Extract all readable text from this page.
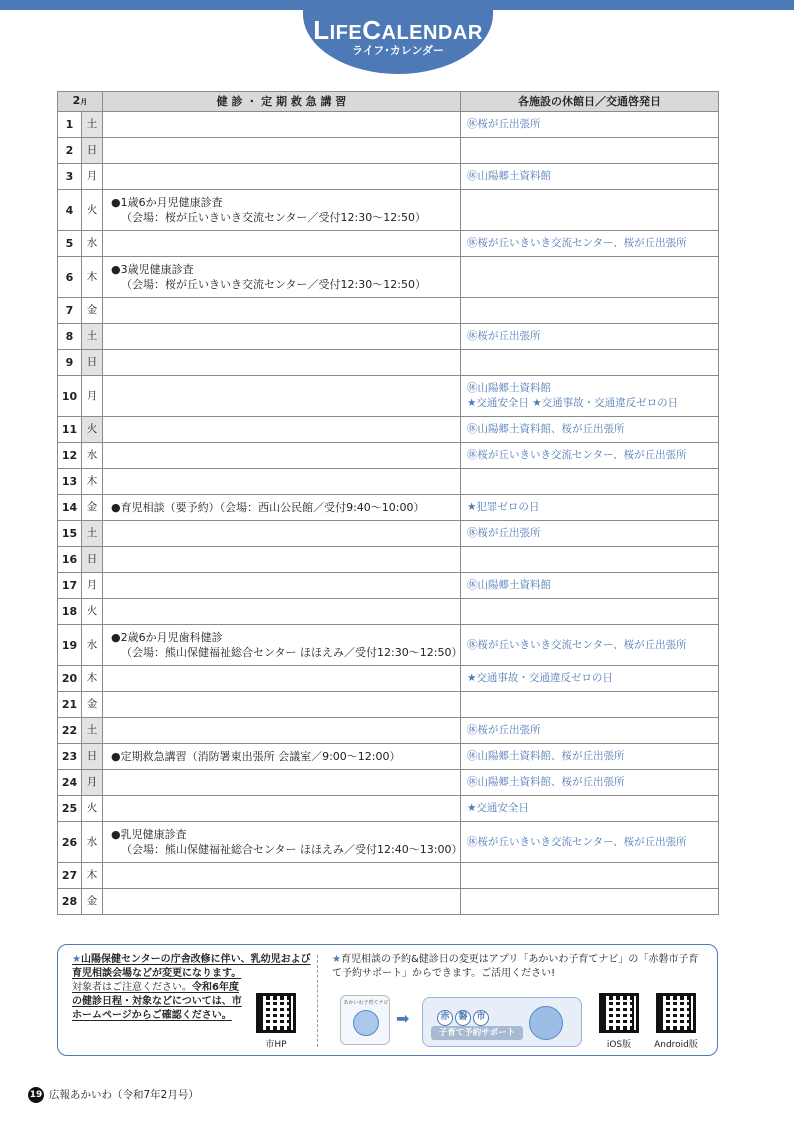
LIFECALENDAR
ライフ･カレンダー
2月		健 診 ・ 定 期 救 急 講 習	各施設の休館日／交通啓発日
1	土		㊡桜が丘出張所

2	日		
3	月		㊡山陽郷土資料館

4	火	●1歳6か月児健康診査
（会場：桜が丘いきいき交流センター／受付12:30〜12:50）	

5	水		㊡桜が丘いきいき交流センター、桜が丘出張所

6	木	●3歳児健康診査
（会場：桜が丘いきいき交流センター／受付12:30〜12:50）	

7	金		
8	土		㊡桜が丘出張所

9	日		
10	月		㊡山陽郷土資料館
★交通安全日 ★交通事故・交通違反ゼロの日

11	火		㊡山陽郷土資料館、桜が丘出張所

12	水		㊡桜が丘いきいき交流センター、桜が丘出張所

13	木		
14	金	●育児相談（要予約）（会場：西山公民館／受付9:40〜10:00）	★犯罪ゼロの日

15	土		㊡桜が丘出張所

16	日		
17	月		㊡山陽郷土資料館

18	火		
19	水	●2歳6か月児歯科健診
（会場：熊山保健福祉総合センター ほほえみ／受付12:30〜12:50）	㊡桜が丘いきいき交流センター、桜が丘出張所

20	木		★交通事故・交通違反ゼロの日

21	金		
22	土		㊡桜が丘出張所

23	日	●定期救急講習（消防署東出張所 会議室／9:00〜12:00）	㊡山陽郷土資料館、桜が丘出張所

24	月		㊡山陽郷土資料館、桜が丘出張所

25	火		★交通安全日

26	水	●乳児健康診査
（会場：熊山保健福祉総合センター ほほえみ／受付12:40〜13:00）	㊡桜が丘いきいき交流センター、桜が丘出張所

27	木		
28	金		
★山陽保健センターの庁舎改修に伴い、乳幼児および育児相談会場などが変更になります。
対象者はご注意ください。令和6年度の健診日程・対象などについては、市ホームページからご確認ください。
市HP
★育児相談の予約&健診日の変更はアプリ「あかいわ子育てナビ」の「赤磐市子育て予約サポート」からできます。ご活用ください!
あかいわ子育てナビ
➡	赤 磐 市
子育て予約サポート
iOS版	Android版
19 広報あかいわ（令和7年2月号）
